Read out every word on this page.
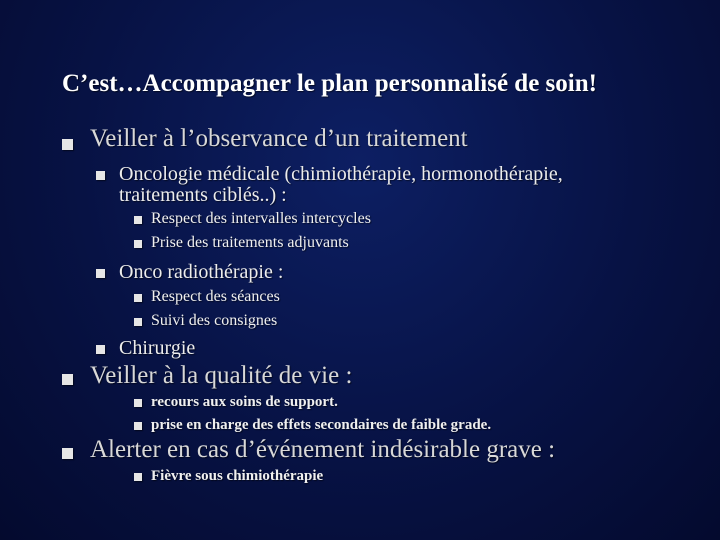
C’est…Accompagner le plan personnalisé de soin!
Veiller à l’observance d’un traitement
Oncologie médicale (chimiothérapie, hormonothérapie,
traitements ciblés..) :
Respect des intervalles intercycles
Prise des traitements adjuvants
Onco radiothérapie :
Respect des séances
Suivi des consignes
Chirurgie
Veiller à la qualité de vie :
recours aux soins de support.
prise en charge des effets secondaires de faible grade.
Alerter en cas d’événement indésirable grave :
Fièvre sous chimiothérapie
